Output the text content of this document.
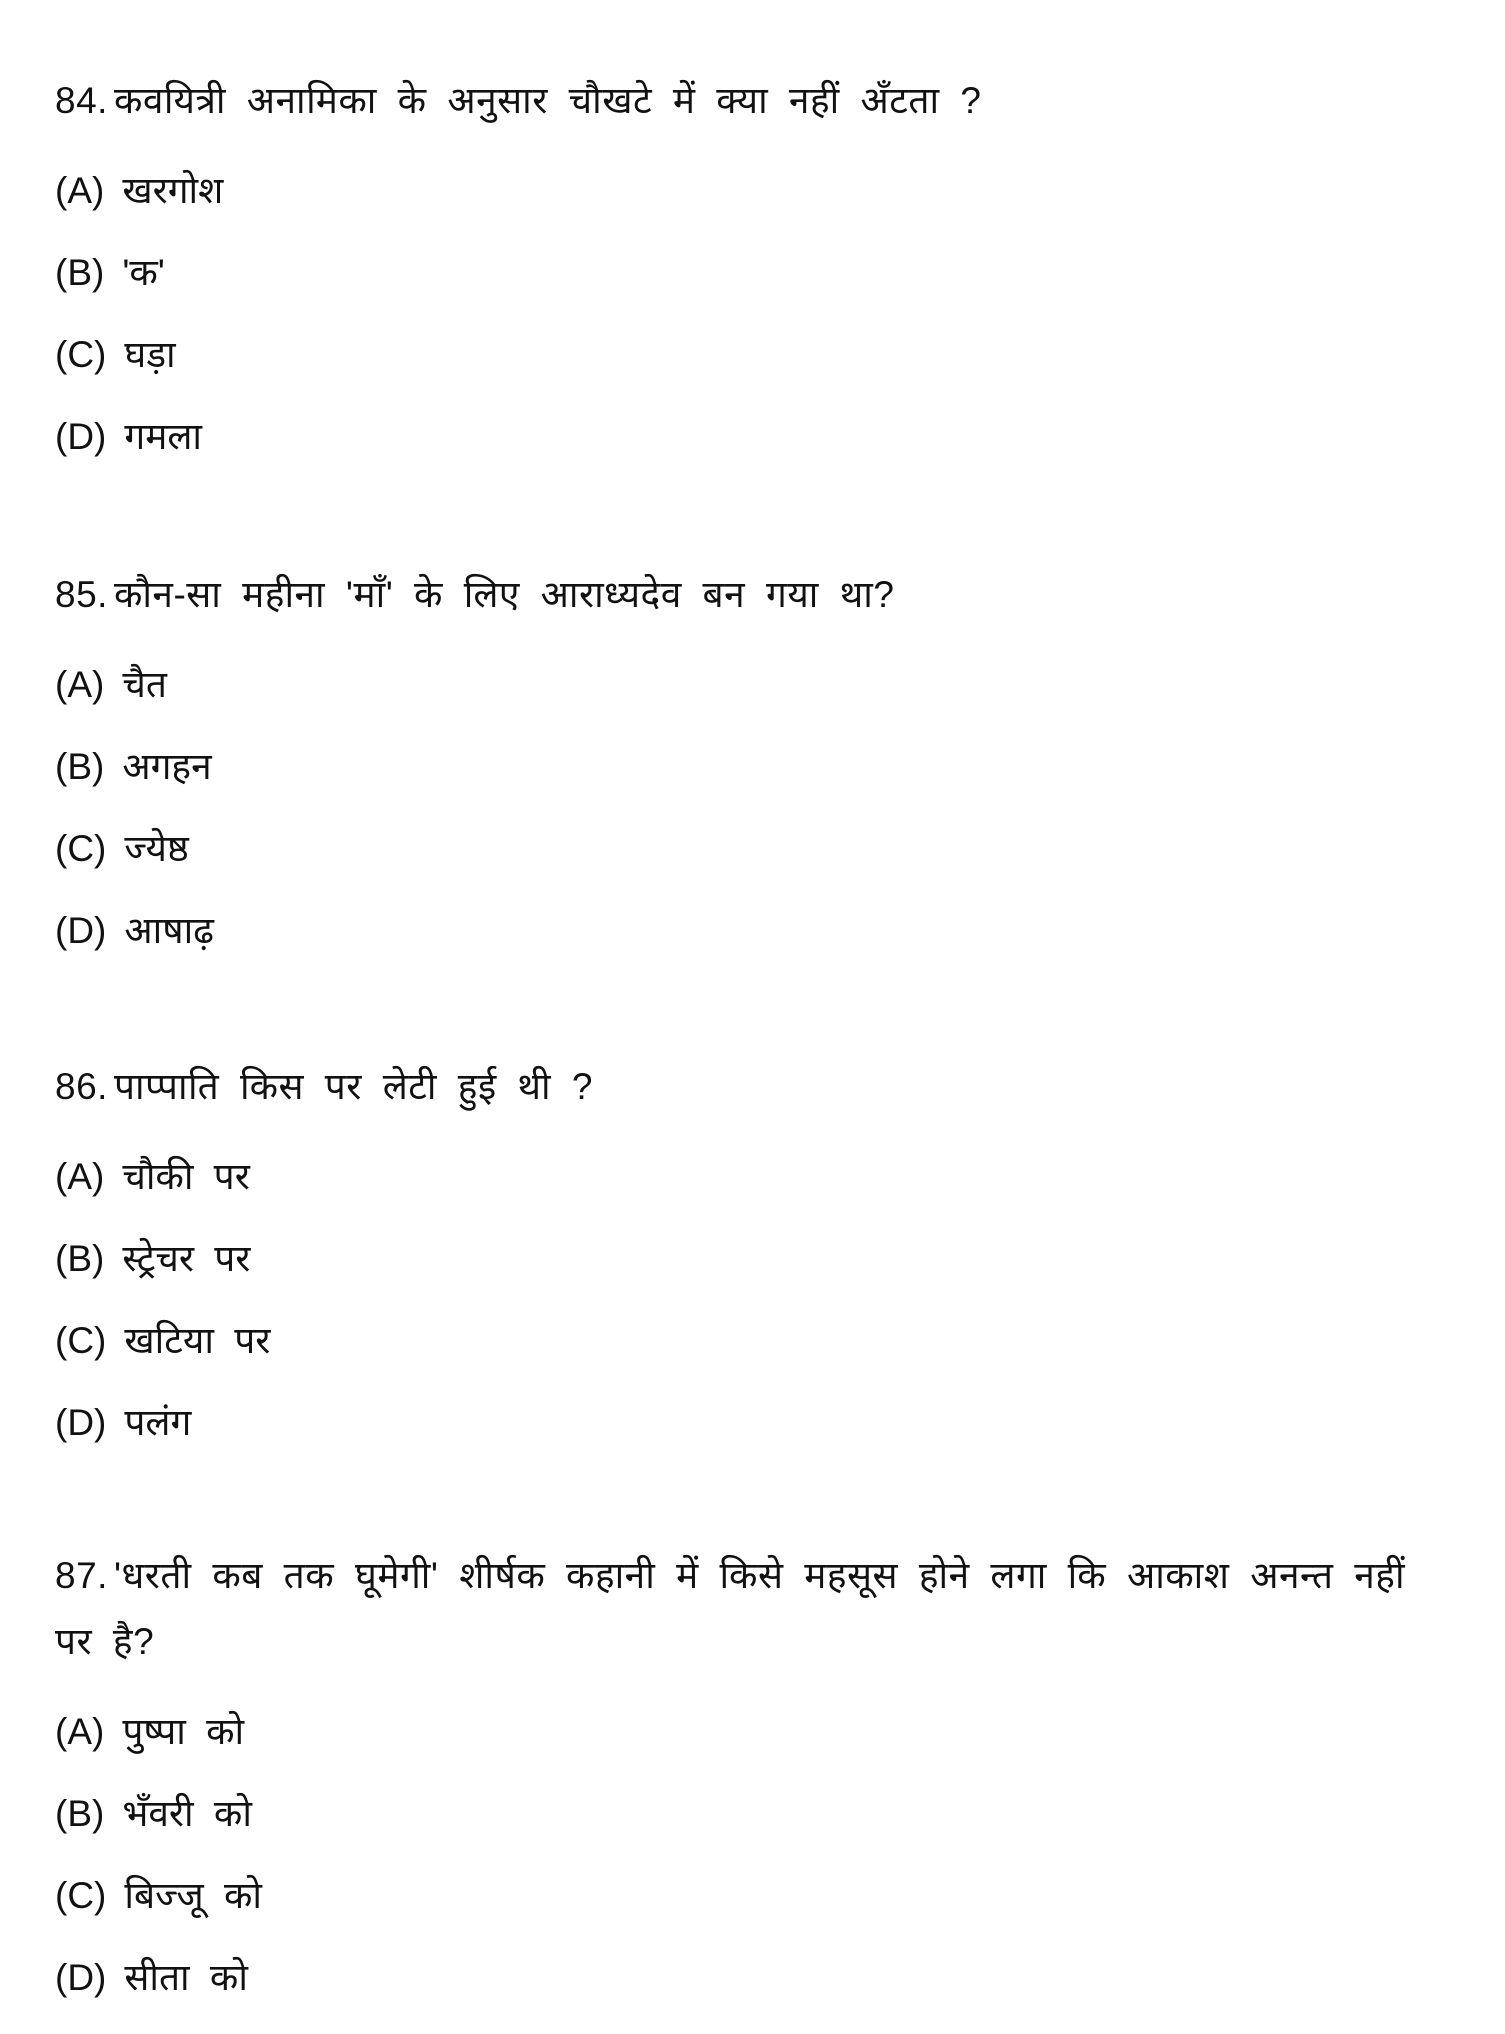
84. कवयित्री अनामिका के अनुसार चौखटे में क्या नहीं अँटता ?

(A) खरगोश
(B) 'क'
(C) घड़ा
(D) गमला

85. कौन-सा महीना 'माँ' के लिए आराध्यदेव बन गया था?

(A) चैत
(B) अगहन
(C) ज्येष्ठ
(D) आषाढ़

86. पाप्पाति किस पर लेटी हुई थी ?

(A) चौकी पर
(B) स्ट्रेचर पर
(C) खटिया पर
(D) पलंग

87. 'धरती कब तक घूमेगी' शीर्षक कहानी में किसे महसूस होने लगा कि आकाश अनन्त नहीं पर है?

(A) पुष्पा को
(B) भँवरी को
(C) बिज्जू को
(D) सीता को
